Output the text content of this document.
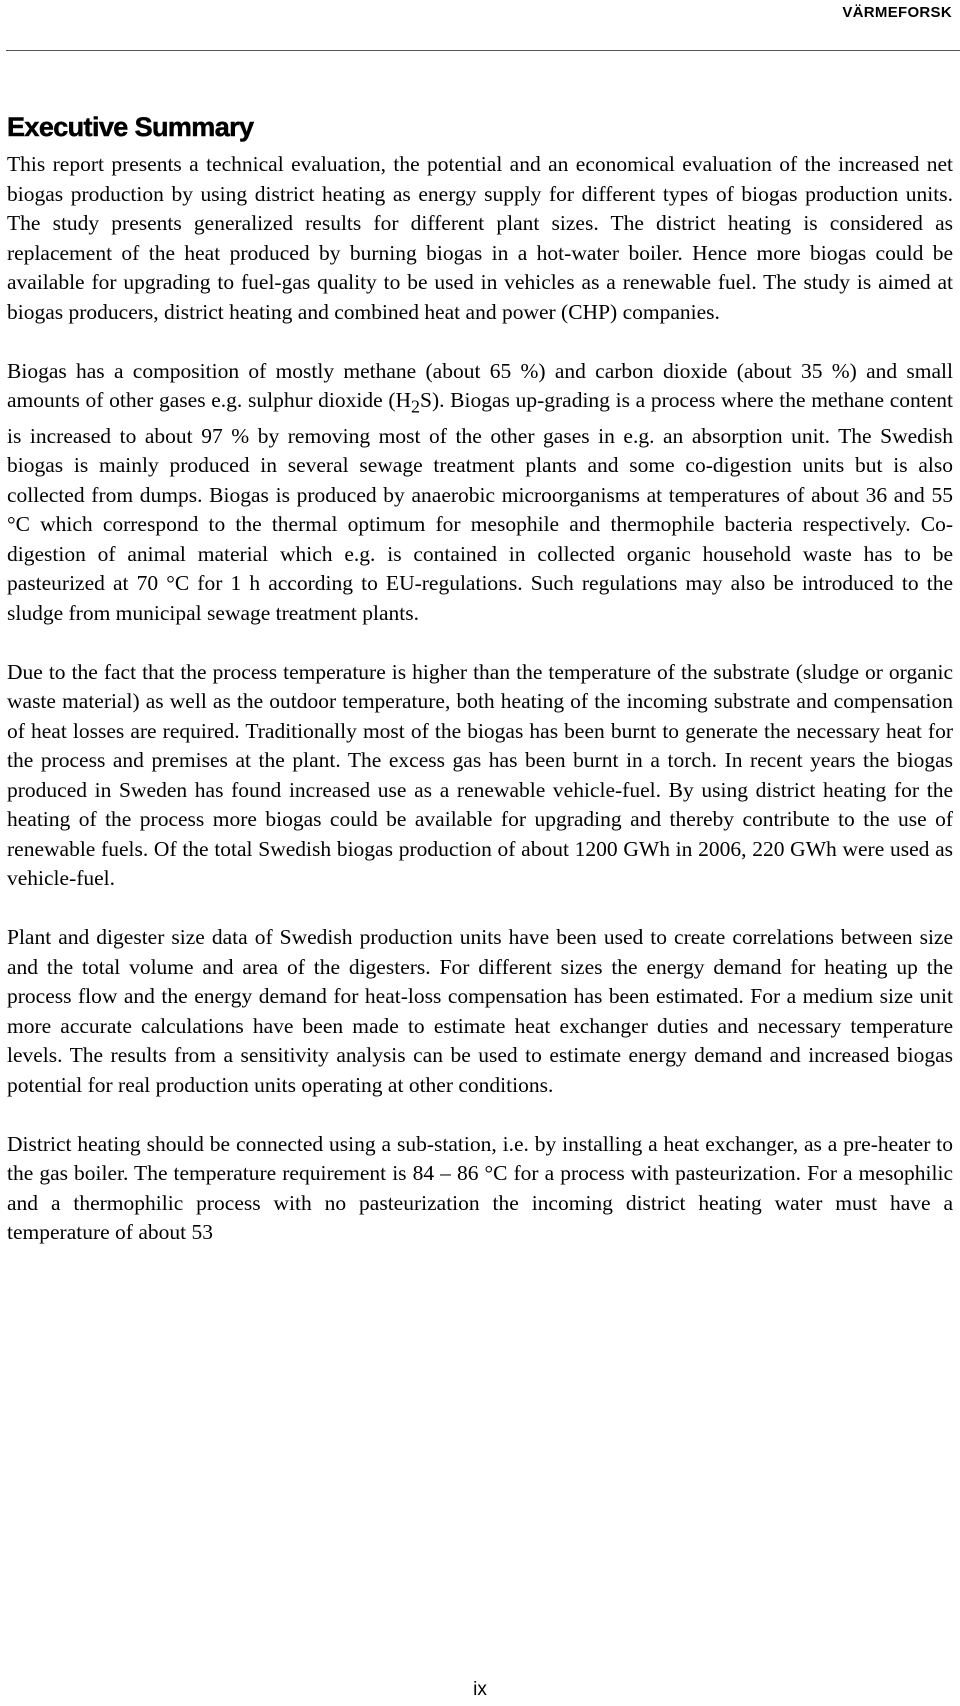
VÄRMEFORSK
Executive Summary

This report presents a technical evaluation, the potential and an economical evaluation of the increased net biogas production by using district heating as energy supply for different types of biogas production units. The study presents generalized results for different plant sizes. The district heating is considered as replacement of the heat produced by burning biogas in a hot-water boiler. Hence more biogas could be available for upgrading to fuel-gas quality to be used in vehicles as a renewable fuel. The study is aimed at biogas producers, district heating and combined heat and power (CHP) companies.

Biogas has a composition of mostly methane (about 65 %) and carbon dioxide (about 35 %) and small amounts of other gases e.g. sulphur dioxide $(H_2S)$. Biogas up-grading is a process where the methane content is increased to about 97 % by removing most of the other gases in e.g. an absorption unit. The Swedish biogas is mainly produced in several sewage treatment plants and some co-digestion units but is also collected from dumps. Biogas is produced by anaerobic microorganisms at temperatures of about 36 and 55 °C which correspond to the thermal optimum for mesophile and thermophile bacteria respectively. Co-digestion of animal material which e.g. is contained in collected organic household waste has to be pasteurized at 70 °C for 1 h according to EU-regulations. Such regulations may also be introduced to the sludge from municipal sewage treatment plants.

Due to the fact that the process temperature is higher than the temperature of the substrate (sludge or organic waste material) as well as the outdoor temperature, both heating of the incoming substrate and compensation of heat losses are required. Traditionally most of the biogas has been burnt to generate the necessary heat for the process and premises at the plant. The excess gas has been burnt in a torch. In recent years the biogas produced in Sweden has found increased use as a renewable vehicle-fuel. By using district heating for the heating of the process more biogas could be available for upgrading and thereby contribute to the use of renewable fuels. Of the total Swedish biogas production of about 1200 GWh in 2006, 220 GWh were used as vehicle-fuel.

Plant and digester size data of Swedish production units have been used to create correlations between size and the total volume and area of the digesters. For different sizes the energy demand for heating up the process flow and the energy demand for heat-loss compensation has been estimated. For a medium size unit more accurate calculations have been made to estimate heat exchanger duties and necessary temperature levels. The results from a sensitivity analysis can be used to estimate energy demand and increased biogas potential for real production units operating at other conditions.

District heating should be connected using a sub-station, i.e. by installing a heat exchanger, as a pre-heater to the gas boiler. The temperature requirement is 84 – 86 °C for a process with pasteurization. For a mesophilic and a thermophilic process with no pasteurization the incoming district heating water must have a temperature of about 53

ix
